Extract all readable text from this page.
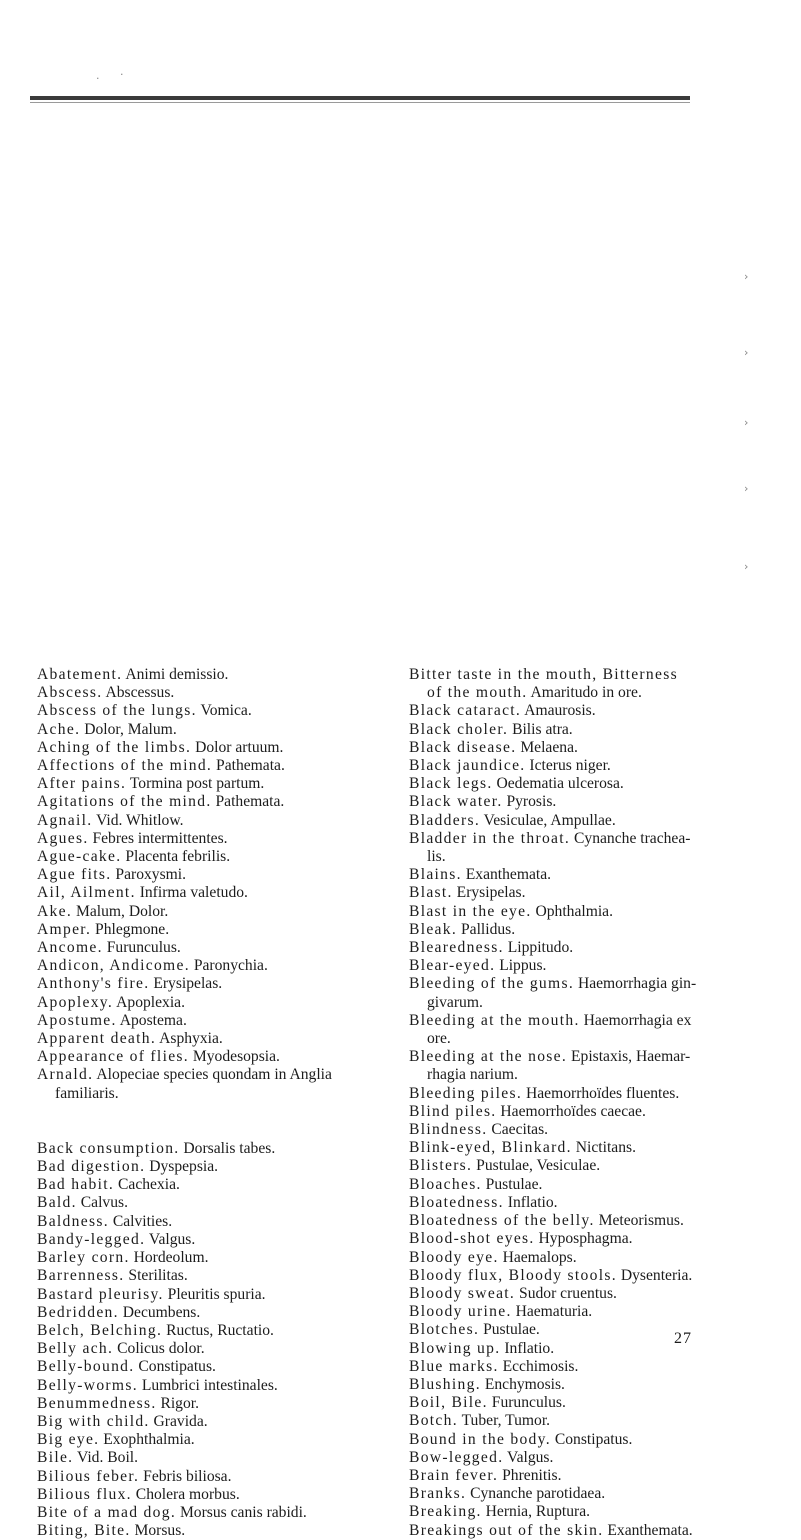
· ·
›
›
›
›
›
Abatement. Animi demissio.
Abscess. Abscessus.
Abscess of the lungs. Vomica.
Ache. Dolor, Malum.
Aching of the limbs. Dolor artuum.
Affections of the mind. Pathemata.
After pains. Tormina post partum.
Agitations of the mind. Pathemata.
Agnail. Vid. Whitlow.
Agues. Febres intermittentes.
Ague-cake. Placenta febrilis.
Ague fits. Paroxysmi.
Ail, Ailment. Infirma valetudo.
Ake. Malum, Dolor.
Amper. Phlegmone.
Ancome. Furunculus.
Andicon, Andicome. Paronychia.
Anthony's fire. Erysipelas.
Apoplexy. Apoplexia.
Apostume. Apostema.
Apparent death. Asphyxia.
Appearance of flies. Myodesopsia.
Arnald. Alopeciae species quondam in Anglia
familiaris.
Back consumption. Dorsalis tabes.
Bad digestion. Dyspepsia.
Bad habit. Cachexia.
Bald. Calvus.
Baldness. Calvities.
Bandy-legged. Valgus.
Barley corn. Hordeolum.
Barrenness. Sterilitas.
Bastard pleurisy. Pleuritis spuria.
Bedridden. Decumbens.
Belch, Belching. Ructus, Ructatio.
Belly ach. Colicus dolor.
Belly-bound. Constipatus.
Belly-worms. Lumbrici intestinales.
Benummedness. Rigor.
Big with child. Gravida.
Big eye. Exophthalmia.
Bile. Vid. Boil.
Bilious feber. Febris biliosa.
Bilious flux. Cholera morbus.
Bite of a mad dog. Morsus canis rabidi.
Biting, Bite. Morsus.
Bitter taste in the mouth, Bitterness
of the mouth. Amaritudo in ore.
Black cataract. Amaurosis.
Black choler. Bilis atra.
Black disease. Melaena.
Black jaundice. Icterus niger.
Black legs. Oedematia ulcerosa.
Black water. Pyrosis.
Bladders. Vesiculae, Ampullae.
Bladder in the throat. Cynanche trachea-
lis.
Blains. Exanthemata.
Blast. Erysipelas.
Blast in the eye. Ophthalmia.
Bleak. Pallidus.
Blearedness. Lippitudo.
Blear-eyed. Lippus.
Bleeding of the gums. Haemorrhagia gin-
givarum.
Bleeding at the mouth. Haemorrhagia ex
ore.
Bleeding at the nose. Epistaxis, Haemar-
rhagia narium.
Bleeding piles. Haemorrhoïdes fluentes.
Blind piles. Haemorrhoïdes caecae.
Blindness. Caecitas.
Blink-eyed, Blinkard. Nictitans.
Blisters. Pustulae, Vesiculae.
Bloaches. Pustulae.
Bloatedness. Inflatio.
Bloatedness of the belly. Meteorismus.
Blood-shot eyes. Hyposphagma.
Bloody eye. Haemalops.
Bloody flux, Bloody stools. Dysenteria.
Bloody sweat. Sudor cruentus.
Bloody urine. Haematuria.
Blotches. Pustulae.
Blowing up. Inflatio.
Blue marks. Ecchimosis.
Blushing. Enchymosis.
Boil, Bile. Furunculus.
Botch. Tuber, Tumor.
Bound in the body. Constipatus.
Bow-legged. Valgus.
Brain fever. Phrenitis.
Branks. Cynanche parotidaea.
Breaking. Hernia, Ruptura.
Breakings out of the skin. Exanthemata.
27
